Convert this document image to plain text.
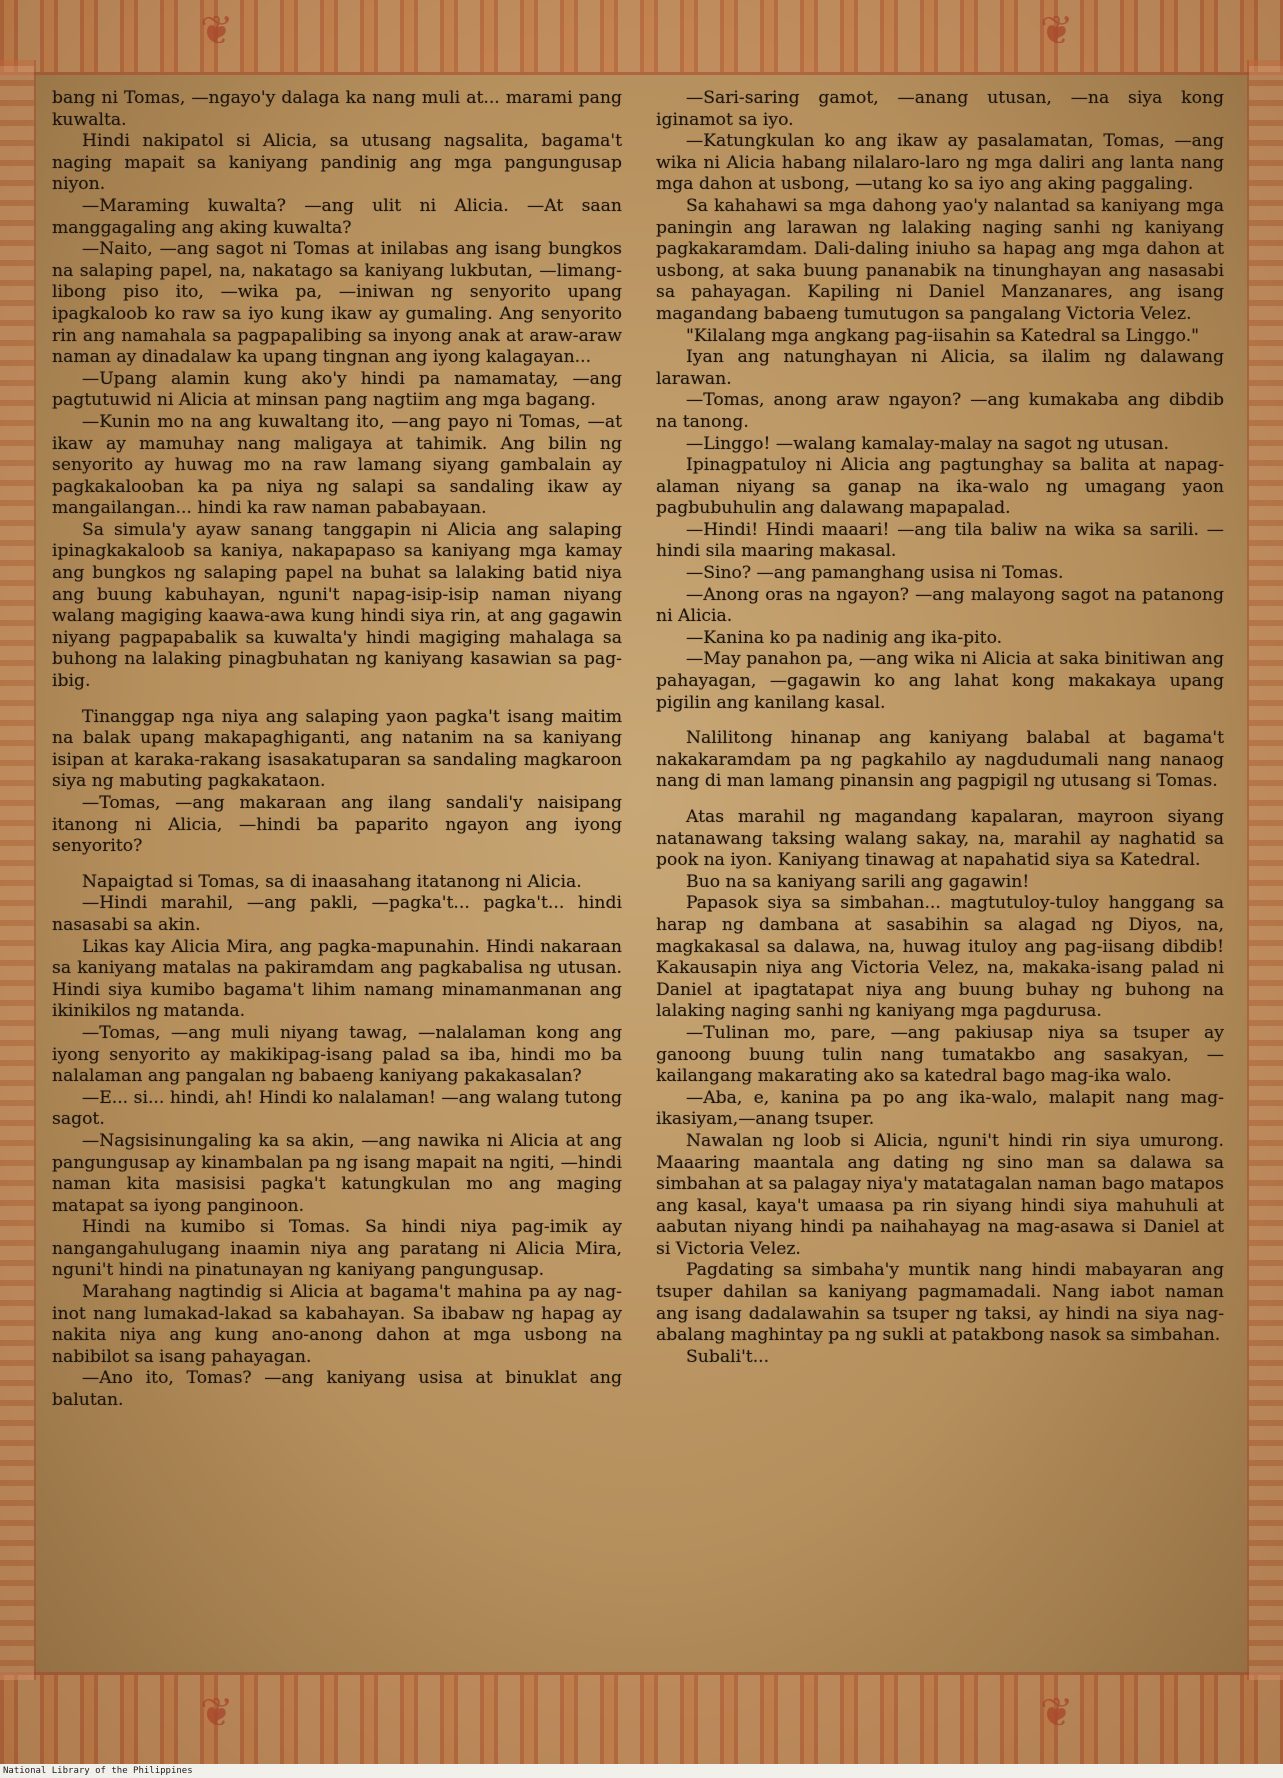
❦	❦
❦	❦

bang ni Tomas, —ngayo'y dalaga ka nang muli at... marami pang kuwalta.

Hindi nakipatol si Alicia, sa utusang nagsalita, bagama't naging mapait sa kaniyang pandinig ang mga pangungusap niyon.

—Maraming kuwalta? —ang ulit ni Alicia. —At saan manggagaling ang aking kuwalta?

—Naito, —ang sagot ni Tomas at inilabas ang isang bungkos na salaping papel, na, nakatago sa kaniyang lukbutan, —limang-libong piso ito, —wika pa, —iniwan ng senyorito upang ipagkaloob ko raw sa iyo kung ikaw ay gumaling. Ang senyorito rin ang namahala sa pagpapalibing sa inyong anak at araw-araw naman ay dinadalaw ka upang tingnan ang iyong kalagayan...

—Upang alamin kung ako'y hindi pa namamatay, —ang pagtutuwid ni Alicia at minsan pang nagtiim ang mga bagang.

—Kunin mo na ang kuwaltang ito, —ang payo ni Tomas, —at ikaw ay mamuhay nang maligaya at tahimik. Ang bilin ng senyorito ay huwag mo na raw lamang siyang gambalain ay pagkakalooban ka pa niya ng salapi sa sandaling ikaw ay mangailangan... hindi ka raw naman pababayaan.

Sa simula'y ayaw sanang tanggapin ni Alicia ang salaping ipinagkakaloob sa kaniya, nakapapaso sa kaniyang mga kamay ang bungkos ng salaping papel na buhat sa lalaking batid niya ang buung kabuhayan, nguni't napag-isip-isip naman niyang walang magiging kaawa-awa kung hindi siya rin, at ang gagawin niyang pagpapabalik sa kuwalta'y hindi magiging mahalaga sa buhong na lalaking pinagbuhatan ng kaniyang kasawian sa pag-ibig.

Tinanggap nga niya ang salaping yaon pagka't isang maitim na balak upang makapaghiganti, ang natanim na sa kaniyang isipan at karaka-rakang isasakatuparan sa sandaling magkaroon siya ng mabuting pagkakataon.

—Tomas, —ang makaraan ang ilang sandali'y naisipang itanong ni Alicia, —hindi ba paparito ngayon ang iyong senyorito?

Napaigtad si Tomas, sa di inaasahang itatanong ni Alicia.

—Hindi marahil, —ang pakli, —pagka't... pagka't... hindi nasasabi sa akin.

Likas kay Alicia Mira, ang pagka-mapunahin. Hindi nakaraan sa kaniyang matalas na pakiramdam ang pagkabalisa ng utusan. Hindi siya kumibo bagama't lihim namang minamanmanan ang ikinikilos ng matanda.

—Tomas, —ang muli niyang tawag, —nalalaman kong ang iyong senyorito ay makikipag-isang palad sa iba, hindi mo ba nalalaman ang pangalan ng babaeng kaniyang pakakasalan?

—E... si... hindi, ah! Hindi ko nalalaman! —ang walang tutong sagot.

—Nagsisinungaling ka sa akin, —ang nawika ni Alicia at ang pangungusap ay kinambalan pa ng isang mapait na ngiti, —hindi naman kita masisisi pagka't katungkulan mo ang maging matapat sa iyong panginoon.

Hindi na kumibo si Tomas. Sa hindi niya pag-imik ay nangangahulugang inaamin niya ang paratang ni Alicia Mira, nguni't hindi na pinatunayan ng kaniyang pangungusap.

Marahang nagtindig si Alicia at bagama't mahina pa ay nag-inot nang lumakad-lakad sa kabahayan. Sa ibabaw ng hapag ay nakita niya ang kung ano-anong dahon at mga usbong na nabibilot sa isang pahayagan.

—Ano ito, Tomas? —ang kaniyang usisa at binuklat ang balutan.

—Sari-saring gamot, —anang utusan, —na siya kong iginamot sa iyo.

—Katungkulan ko ang ikaw ay pasalamatan, Tomas, —ang wika ni Alicia habang nilalaro-laro ng mga daliri ang lanta nang mga dahon at usbong, —utang ko sa iyo ang aking paggaling.

Sa kahahawi sa mga dahong yao'y nalantad sa kaniyang mga paningin ang larawan ng lalaking naging sanhi ng kaniyang pagkakaramdam. Dali-daling iniuho sa hapag ang mga dahon at usbong, at saka buung pananabik na tinunghayan ang nasasabi sa pahayagan. Kapiling ni Daniel Manzanares, ang isang magandang babaeng tumutugon sa pangalang Victoria Velez.

"Kilalang mga angkang pag-iisahin sa Katedral sa Linggo."

Iyan ang natunghayan ni Alicia, sa ilalim ng dalawang larawan.

—Tomas, anong araw ngayon? —ang kumakaba ang dibdib na tanong.

—Linggo! —walang kamalay-malay na sagot ng utusan.

Ipinagpatuloy ni Alicia ang pagtunghay sa balita at napag-alaman niyang sa ganap na ika-walo ng umagang yaon pagbubuhulin ang dalawang mapapalad.

—Hindi! Hindi maaari! —ang tila baliw na wika sa sarili. —hindi sila maaring makasal.

—Sino? —ang pamanghang usisa ni Tomas.

—Anong oras na ngayon? —ang malayong sagot na patanong ni Alicia.

—Kanina ko pa nadinig ang ika-pito.

—May panahon pa, —ang wika ni Alicia at saka binitiwan ang pahayagan, —gagawin ko ang lahat kong makakaya upang pigilin ang kanilang kasal.

Nalilitong hinanap ang kaniyang balabal at bagama't nakakaramdam pa ng pagkahilo ay nagdudumali nang nanaog nang di man lamang pinansin ang pagpigil ng utusang si Tomas.

Atas marahil ng magandang kapalaran, mayroon siyang natanawang taksing walang sakay, na, marahil ay naghatid sa pook na iyon. Kaniyang tinawag at napahatid siya sa Katedral.

Buo na sa kaniyang sarili ang gagawin!

Papasok siya sa simbahan... magtutuloy-tuloy hanggang sa harap ng dambana at sasabihin sa alagad ng Diyos, na, magkakasal sa dalawa, na, huwag ituloy ang pag-iisang dibdib! Kakausapin niya ang Victoria Velez, na, makaka-isang palad ni Daniel at ipagtatapat niya ang buung buhay ng buhong na lalaking naging sanhi ng kaniyang mga pagdurusa.

—Tulinan mo, pare, —ang pakiusap niya sa tsuper ay ganoong buung tulin nang tumatakbo ang sasakyan, —kailangang makarating ako sa katedral bago mag-ika walo.

—Aba, e, kanina pa po ang ika-walo, malapit nang mag-ikasiyam,—anang tsuper.

Nawalan ng loob si Alicia, nguni't hindi rin siya umurong. Maaaring maantala ang dating ng sino man sa dalawa sa simbahan at sa palagay niya'y matatagalan naman bago matapos ang kasal, kaya't umaasa pa rin siyang hindi siya mahuhuli at aabutan niyang hindi pa naihahayag na mag-asawa si Daniel at si Victoria Velez.

Pagdating sa simbaha'y muntik nang hindi mabayaran ang tsuper dahilan sa kaniyang pagmamadali. Nang iabot naman ang isang dadalawahin sa tsuper ng taksi, ay hindi na siya nag-abalang maghintay pa ng sukli at patakbong nasok sa simbahan.

Subali't...

National Library of the Philippines
